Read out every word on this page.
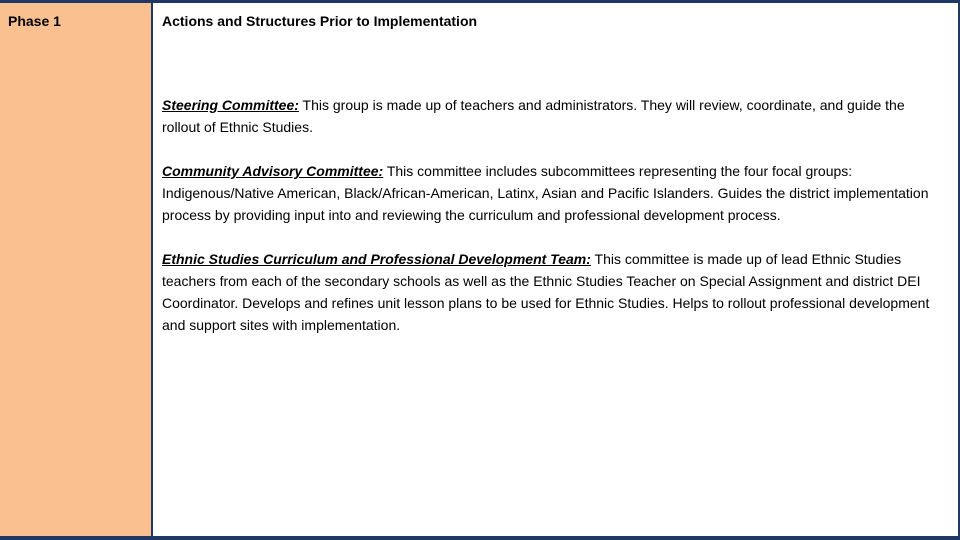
Phase 1	Actions and Structures Prior to Implementation

Steering Committee: This group is made up of teachers and administrators. They will review, coordinate, and guide the rollout of Ethnic Studies.

Community Advisory Committee: This committee includes subcommittees representing the four focal groups: Indigenous/Native American, Black/African-American, Latinx, Asian and Pacific Islanders. Guides the district implementation process by providing input into and reviewing the curriculum and professional development process.

Ethnic Studies Curriculum and Professional Development Team: This committee is made up of lead Ethnic Studies teachers from each of the secondary schools as well as the Ethnic Studies Teacher on Special Assignment and district DEI Coordinator. Develops and refines unit lesson plans to be used for Ethnic Studies. Helps to rollout professional development and support sites with implementation.
